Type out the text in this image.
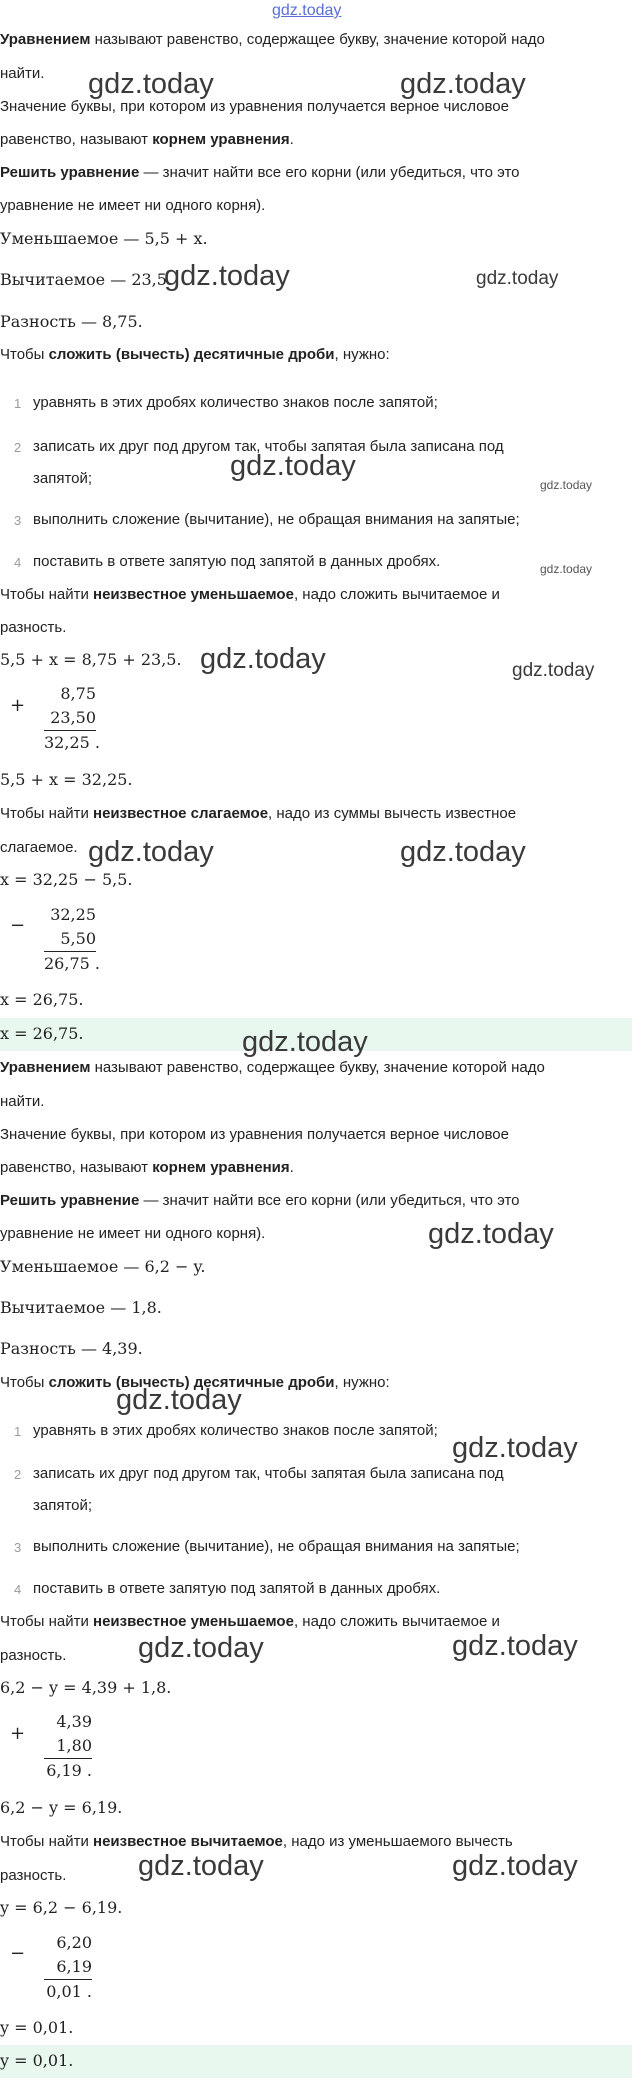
gdz.today
Уравнением называют равенство, содержащее букву, значение которой надо
найти.
Значение буквы, при котором из уравнения получается верное числовое
равенство, называют корнем уравнения.
Решить уравнение — значит найти все его корни (или убедиться, что это
уравнение не имеет ни одного корня).
Уменьшаемое — 5,5 + x.
Вычитаемое — 23,5.
Разность — 8,75.
Чтобы сложить (вычесть) десятичные дроби, нужно:
1 уравнять в этих дробях количество знаков после запятой;
2 записать их друг под другом так, чтобы запятая была записана под
запятой;
3 выполнить сложение (вычитание), не обращая внимания на запятые;
4 поставить в ответе запятую под запятой в данных дробях.
Чтобы найти неизвестное уменьшаемое, надо сложить вычитаемое и
разность.
5,5 + x = 8,75 + 23,5.
+
8,75
23,50
32,25 .
5,5 + x = 32,25.
Чтобы найти неизвестное слагаемое, надо из суммы вычесть известное
слагаемое.
x = 32,25 − 5,5.
−
32,25
5,50
26,75 .
x = 26,75.
x = 26,75.
Уравнением называют равенство, содержащее букву, значение которой надо
найти.
Значение буквы, при котором из уравнения получается верное числовое
равенство, называют корнем уравнения.
Решить уравнение — значит найти все его корни (или убедиться, что это
уравнение не имеет ни одного корня).
Уменьшаемое — 6,2 − y.
Вычитаемое — 1,8.
Разность — 4,39.
Чтобы сложить (вычесть) десятичные дроби, нужно:
1 уравнять в этих дробях количество знаков после запятой;
2 записать их друг под другом так, чтобы запятая была записана под
запятой;
3 выполнить сложение (вычитание), не обращая внимания на запятые;
4 поставить в ответе запятую под запятой в данных дробях.
Чтобы найти неизвестное уменьшаемое, надо сложить вычитаемое и
разность.
6,2 − y = 4,39 + 1,8.
+
4,39
1,80
6,19 .
6,2 − y = 6,19.
Чтобы найти неизвестное вычитаемое, надо из уменьшаемого вычесть
разность.
y = 6,2 − 6,19.
−
6,20
6,19
0,01 .
y = 0,01.
y = 0,01.
gdz.today	gdz.today
gdz.today	gdz.today
gdz.today
gdz.today
gdz.today
gdz.today	gdz.today
gdz.today	gdz.today
gdz.today
gdz.today
gdz.today
gdz.today
gdz.today	gdz.today
gdz.today	gdz.today
